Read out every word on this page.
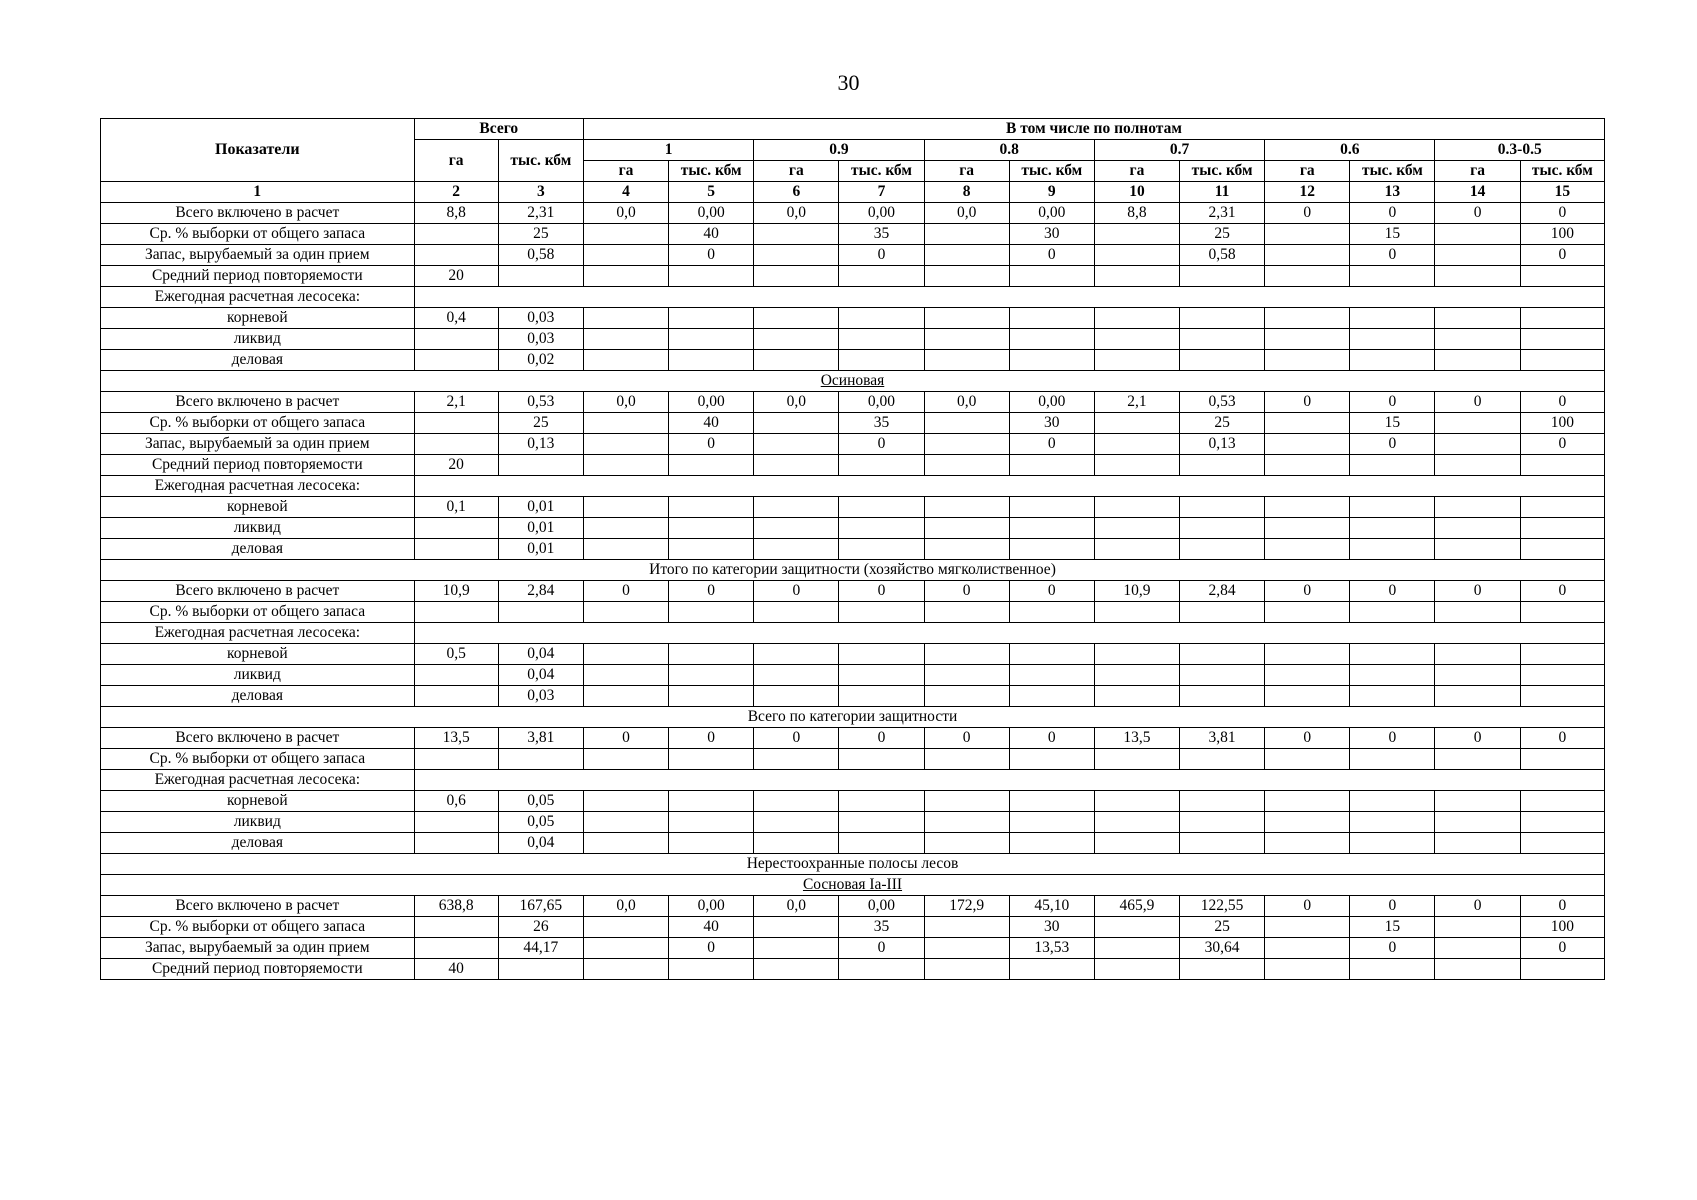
30
Показатели	Всего		В том числе по полнотам											
	га	тыс. кбм	1		0.9		0.8		0.7		0.6		0.3-0.5	
			га	тыс. кбм	га	тыс. кбм	га	тыс. кбм	га	тыс. кбм	га	тыс. кбм	га	тыс. кбм
1	2	3	4	5	6	7	8	9	10	11	12	13	14	15
Всего включено в расчет	8,8	2,31	0,0	0,00	0,0	0,00	0,0	0,00	8,8	2,31	0	0	0	0
Ср. % выборки от общего запаса		25		40		35		30		25		15		100
Запас, вырубаемый за один прием		0,58		0		0		0		0,58		0		0
Средний период повторяемости	20													
Ежегодная расчетная лесосека:														
корневой	0,4	0,03												
ликвид		0,03												
деловая		0,02												
Осиновая														
Всего включено в расчет	2,1	0,53	0,0	0,00	0,0	0,00	0,0	0,00	2,1	0,53	0	0	0	0
Ср. % выборки от общего запаса		25		40		35		30		25		15		100
Запас, вырубаемый за один прием		0,13		0		0		0		0,13		0		0
Средний период повторяемости	20													
Ежегодная расчетная лесосека:														
корневой	0,1	0,01												
ликвид		0,01												
деловая		0,01												
Итого по категории защитности (хозяйство мягколиственное)														
Всего включено в расчет	10,9	2,84	0	0	0	0	0	0	10,9	2,84	0	0	0	0
Ср. % выборки от общего запаса														
Ежегодная расчетная лесосека:														
корневой	0,5	0,04												
ликвид		0,04												
деловая		0,03												
Всего по категории защитности														
Всего включено в расчет	13,5	3,81	0	0	0	0	0	0	13,5	3,81	0	0	0	0
Ср. % выборки от общего запаса														
Ежегодная расчетная лесосека:														
корневой	0,6	0,05												
ликвид		0,05												
деловая		0,04												
Нерестоохранные полосы лесов														
Сосновая Ia-III														
Всего включено в расчет	638,8	167,65	0,0	0,00	0,0	0,00	172,9	45,10	465,9	122,55	0	0	0	0
Ср. % выборки от общего запаса		26		40		35		30		25		15		100
Запас, вырубаемый за один прием		44,17		0		0		13,53		30,64		0		0
Средний период повторяемости	40													
